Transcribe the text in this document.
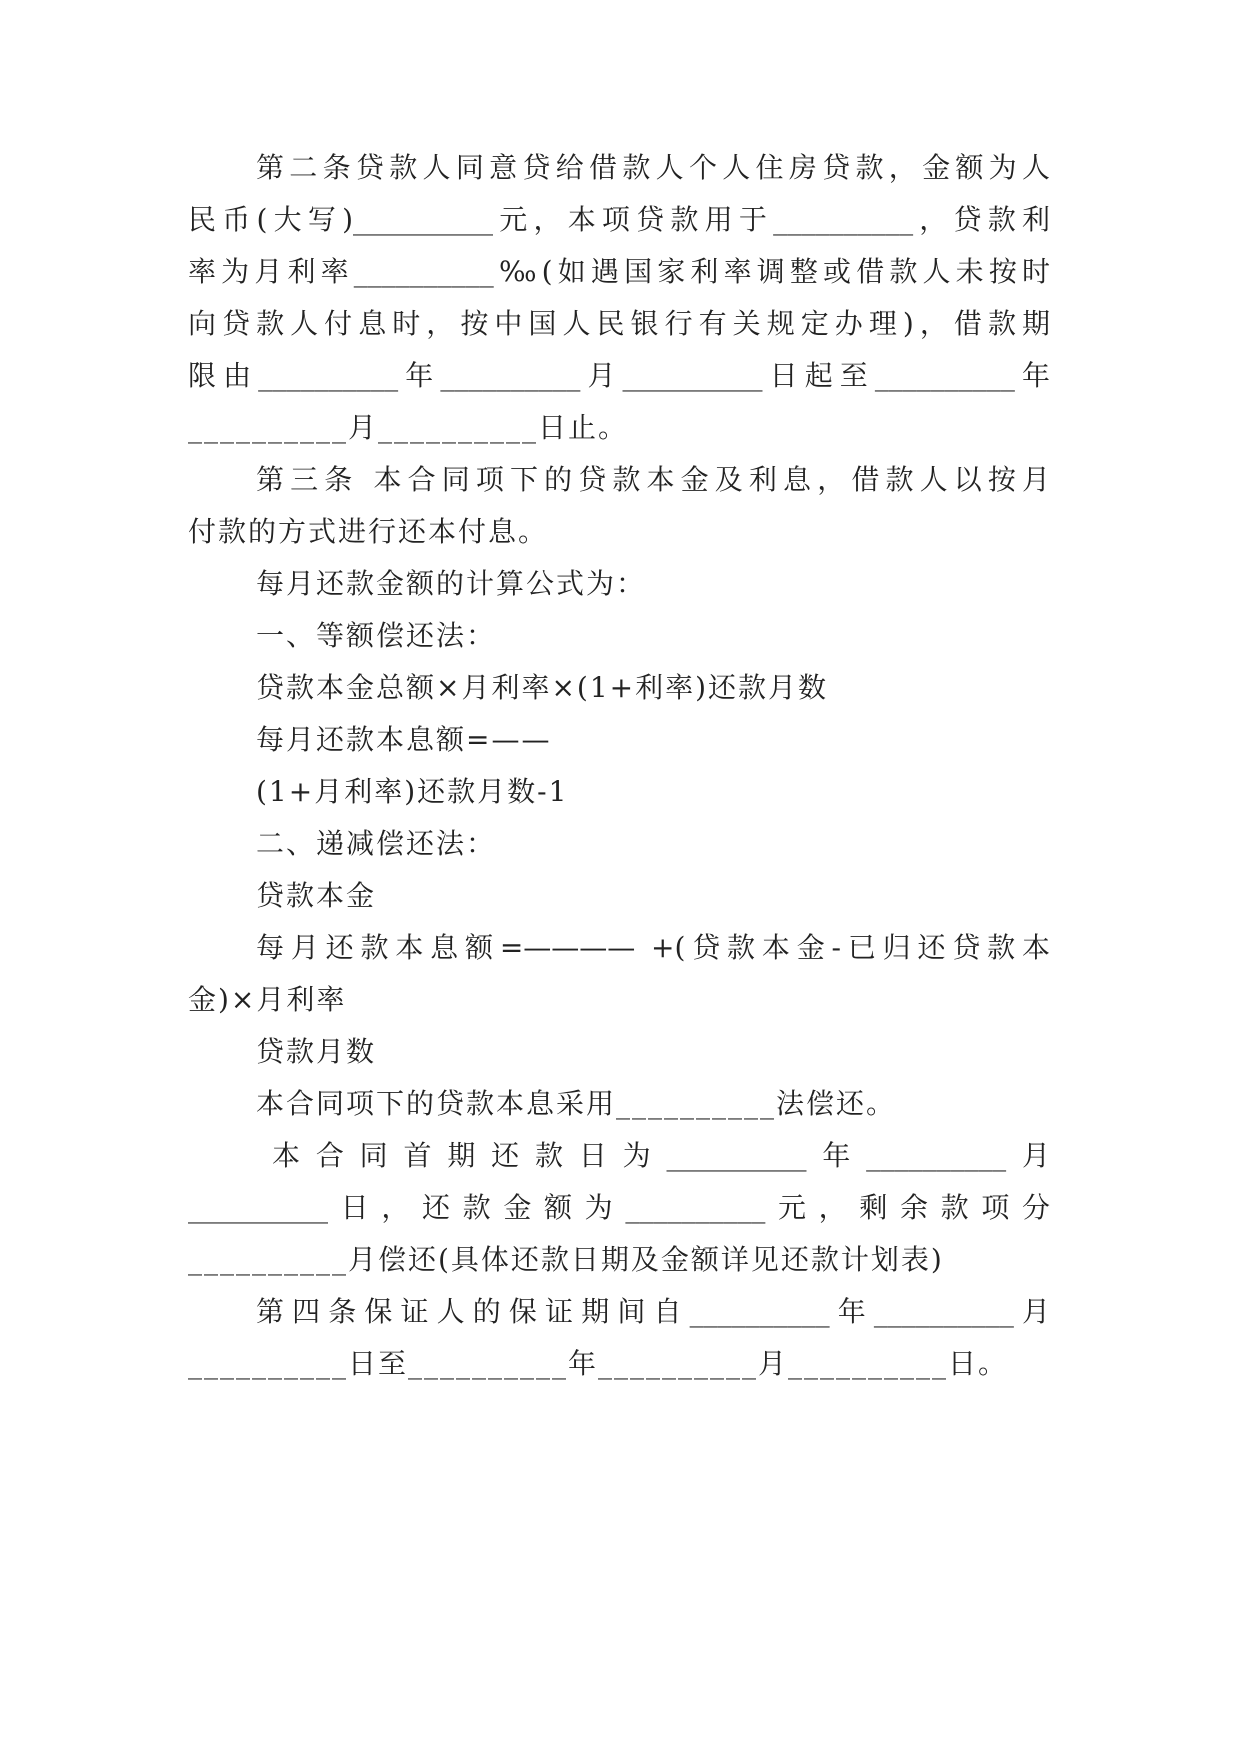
第二条贷款人同意贷给借款人个人住房贷款，金额为人
民币(大写)__________元，本项贷款用于__________，贷款利
率为月利率__________‰(如遇国家利率调整或借款人未按时
向贷款人付息时，按中国人民银行有关规定办理)，借款期
限由__________年__________月__________日起至__________年
__________月__________日止。
第三条 本合同项下的贷款本金及利息，借款人以按月
付款的方式进行还本付息。
每月还款金额的计算公式为：
一、等额偿还法：
贷款本金总额×月利率×(1+利率)还款月数
每月还款本息额=——
(1+月利率)还款月数-1
二、递减偿还法：
贷款本金
每月还款本息额=———— +(贷款本金-已归还贷款本
金)×月利率
贷款月数
本合同项下的贷款本息采用__________法偿还。
本合同首期还款日为__________年__________月
__________日，还款金额为__________元，剩余款项分
__________月偿还(具体还款日期及金额详见还款计划表)
第四条保证人的保证期间自__________年__________月
__________日至__________年__________月__________日。
